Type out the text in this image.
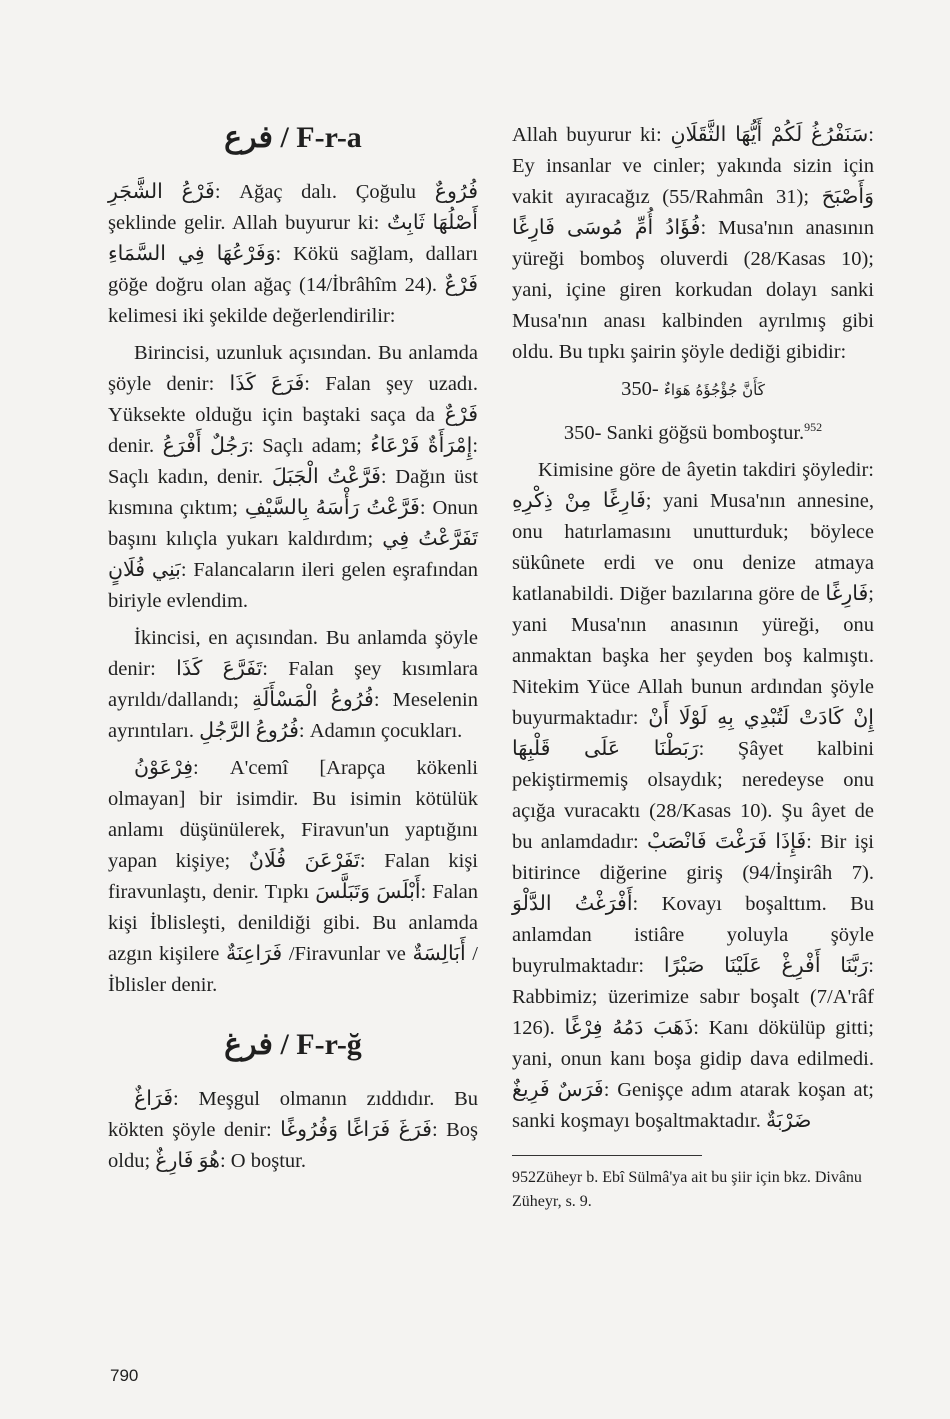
فرع / F-r-a

فَرْعُ الشَّجَرِ: Ağaç dalı. Çoğulu فُرُوعٌ şeklinde gelir. Allah buyurur ki: أَصْلُهَا ثَابِتٌ وَفَرْعُهَا فِي السَّمَاءِ: Kökü sağlam, dalları göğe doğru olan ağaç (14/İbrâhîm 24). فَرْعٌ kelimesi iki şekilde değerlendirilir:

Birincisi, uzunluk açısından. Bu anlamda şöyle denir: فَرَعَ كَذَا: Falan şey uzadı. Yüksekte olduğu için baştaki saça da فَرْعٌ denir. رَجُلٌ أَفْرَعُ: Saçlı adam; إِمْرَأَةٌ فَرْعَاءُ: Saçlı kadın, denir. فَرَّعْتُ الْجَبَلَ: Dağın üst kısmına çıktım; فَرَّعْتُ رَأْسَهُ بِالسَّيْفِ: Onun başını kılıçla yukarı kaldırdım; تَفَرَّعْتُ فِي بَنِي فُلَانٍ: Falancaların ileri gelen eşrafından biriyle evlendim.

İkincisi, en açısından. Bu anlamda şöyle denir: تَفَرَّعَ كَذَا: Falan şey kısımlara ayrıldı/dallandı; فُرُوعُ الْمَسْأَلَةِ: Meselenin ayrıntıları. فُرُوعُ الرَّجُلِ: Adamın çocukları.

فِرْعَوْنُ: A'cemî [Arapça kökenli olmayan] bir isimdir. Bu isimin kötülük anlamı düşünülerek, Firavun'un yaptığını yapan kişiye; تَفَرْعَنَ فُلَانٌ: Falan kişi firavunlaştı, denir. Tıpkı أَبْلَسَ وَتَبَلَّسَ: Falan kişi İblisleşti, denildiği gibi. Bu anlamda azgın kişilere فَرَاعِنَةٌ /Firavunlar ve أَبَالِسَةٌ /İblisler denir.

فرغ / F-r-ğ

فَرَاغٌ: Meşgul olmanın zıddıdır. Bu kökten şöyle denir: فَرَغَ فَرَاغًا وَفُرُوغًا: Boş oldu; هُوَ فَارِغٌ: O boştur.

Allah buyurur ki: سَنَفْرُغُ لَكُمْ أَيُّهَا الثَّقَلَانِ: Ey insanlar ve cinler; yakında sizin için vakit ayıracağız (55/Rahmân 31); وَأَصْبَحَ فُؤَادُ أُمِّ مُوسَى فَارِغًا: Musa'nın anasının yüreği bomboş oluverdi (28/Kasas 10); yani, içine giren korkudan dolayı sanki Musa'nın anası kalbinden ayrılmış gibi oldu. Bu tıpkı şairin şöyle dediği gibidir:

كَأَنَّ جُؤْجُؤَهُ هَوَاءٌ -350

350- Sanki göğsü bomboştur.$^{952}$

Kimisine göre de âyetin takdiri şöyledir: فَارِغًا مِنْ ذِكْرِهِ; yani Musa'nın annesine, onu hatırlamasını unutturduk; böylece sükûnete erdi ve onu denize atmaya katlanabildi. Diğer bazılarına göre de فَارِغًا; yani Musa'nın anasının yüreği, onu anmaktan başka her şeyden boş kalmıştı. Nitekim Yüce Allah bunun ardından şöyle buyurmaktadır: إِنْ كَادَتْ لَتُبْدِي بِهِ لَوْلَا أَنْ رَبَطْنَا عَلَى قَلْبِهَا: Şâyet kalbini pekiştirmemiş olsaydık; neredeyse onu açığa vuracaktı (28/Kasas 10). Şu âyet de bu anlamdadır: فَإِذَا فَرَغْتَ فَانْصَبْ: Bir işi bitirince diğerine giriş (94/İnşirâh 7). أَفْرَغْتُ الدَّلْوَ: Kovayı boşalttım. Bu anlamdan istiâre yoluyla şöyle buyrulmaktadır: رَبَّنَا أَفْرِغْ عَلَيْنَا صَبْرًا: Rabbimiz; üzerimize sabır boşalt (7/A'râf 126). ذَهَبَ دَمُهُ فِرْغًا: Kanı dökülüp gitti; yani, onun kanı boşa gidip dava edilmedi. فَرَسٌ فَرِيغٌ: Genişçe adım atarak koşan at; sanki koşmayı boşaltmaktadır. ضَرْبَةٌ

952Züheyr b. Ebî Sülmâ'ya ait bu şiir için bkz. Divânu Züheyr, s. 9.

790
